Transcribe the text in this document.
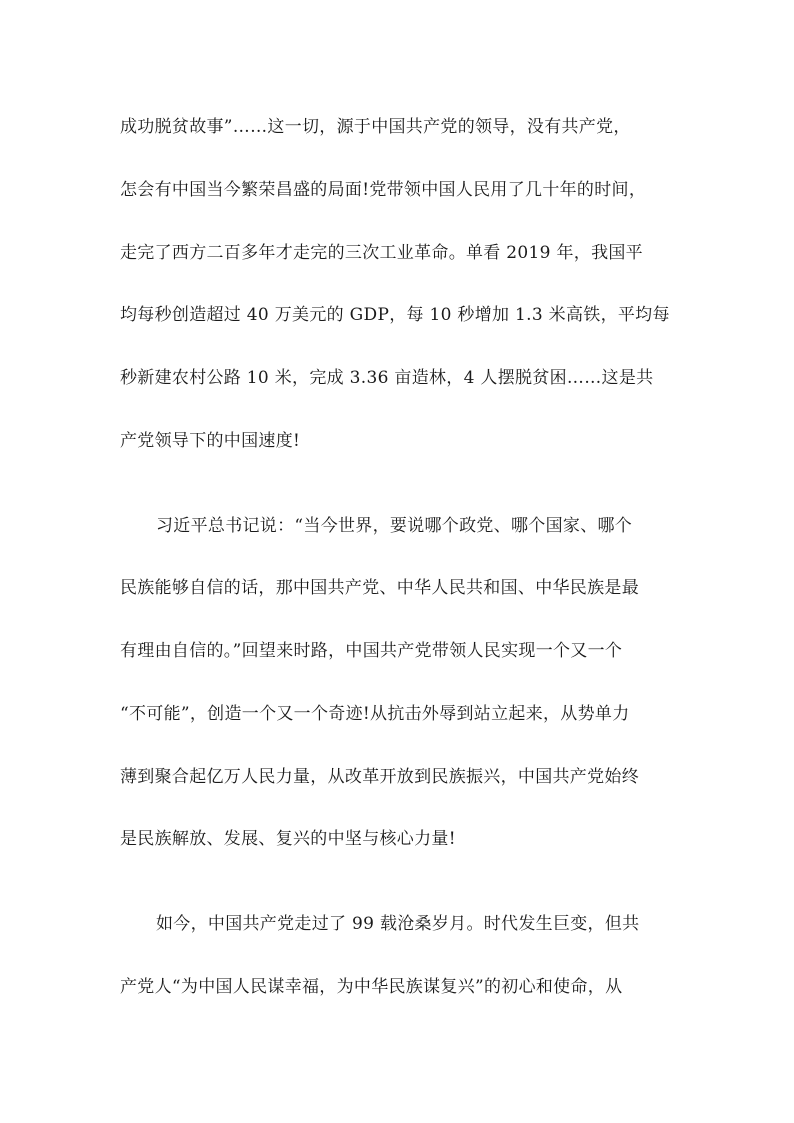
成功脱贫故事”……这一切，源于中国共产党的领导，没有共产党，
怎会有中国当今繁荣昌盛的局面!党带领中国人民用了几十年的时间，
走完了西方二百多年才走完的三次工业革命。单看 2019 年，我国平
均每秒创造超过 40 万美元的 GDP，每 10 秒增加 1.3 米高铁，平均每
秒新建农村公路 10 米，完成 3.36 亩造林，4 人摆脱贫困……这是共
产党领导下的中国速度!
习近平总书记说：“当今世界，要说哪个政党、哪个国家、哪个
民族能够自信的话，那中国共产党、中华人民共和国、中华民族是最
有理由自信的。”回望来时路，中国共产党带领人民实现一个又一个
“不可能”，创造一个又一个奇迹!从抗击外辱到站立起来，从势单力
薄到聚合起亿万人民力量，从改革开放到民族振兴，中国共产党始终
是民族解放、发展、复兴的中坚与核心力量!
如今，中国共产党走过了 99 载沧桑岁月。时代发生巨变，但共
产党人“为中国人民谋幸福，为中华民族谋复兴”的初心和使命，从
